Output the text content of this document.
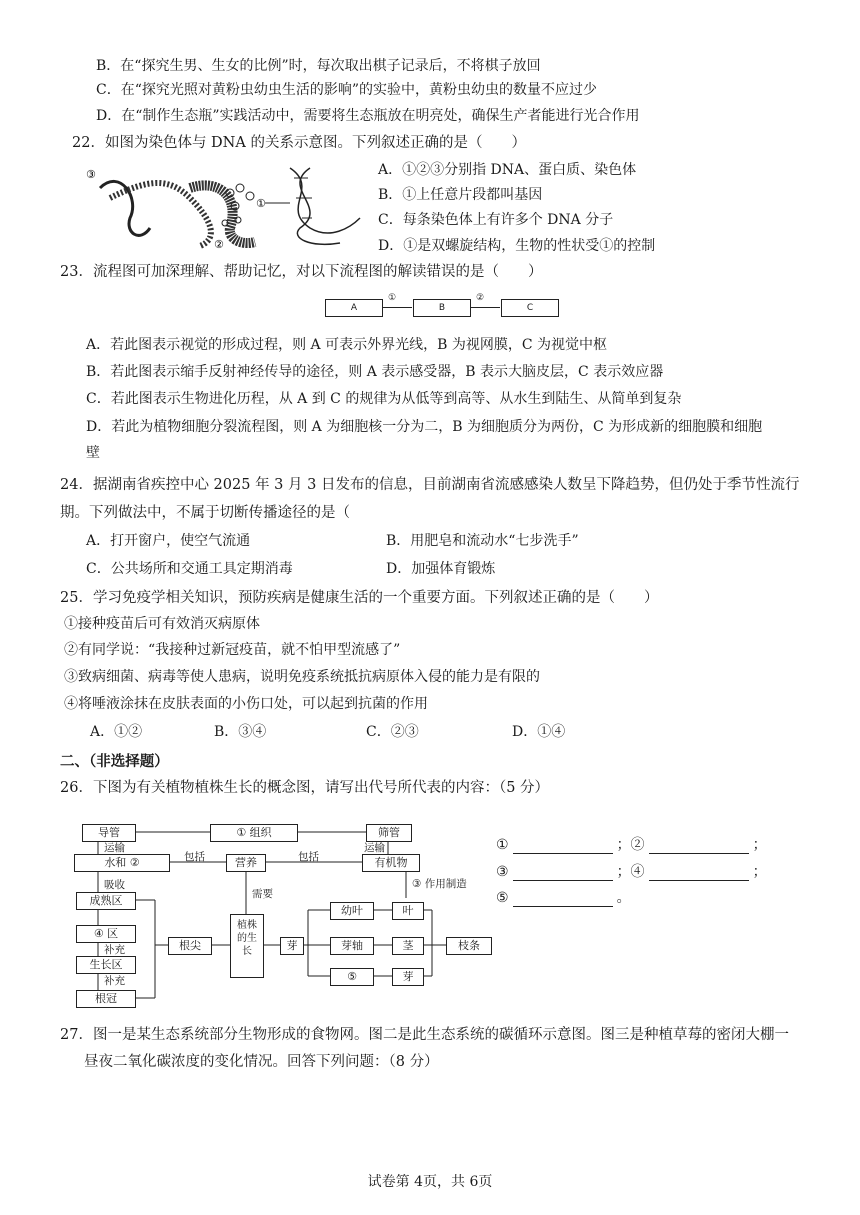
B．在“探究生男、生女的比例”时，每次取出棋子记录后，不将棋子放回
C．在“探究光照对黄粉虫幼虫生活的影响”的实验中，黄粉虫幼虫的数量不应过少
D．在“制作生态瓶”实践活动中，需要将生态瓶放在明亮处，确保生产者能进行光合作用
22．如图为染色体与 DNA 的关系示意图。下列叙述正确的是（　　）
③
①
②
A．①②③分别指 DNA、蛋白质、染色体
B．①上任意片段都叫基因
C．每条染色体上有许多个 DNA 分子
D．①是双螺旋结构，生物的性状受①的控制
23．流程图可加深理解、帮助记忆，对以下流程图的解读错误的是（　　）
A
①
B
②
C
A．若此图表示视觉的形成过程，则 A 可表示外界光线，B 为视网膜，C 为视觉中枢
B．若此图表示缩手反射神经传导的途径，则 A 表示感受器，B 表示大脑皮层，C 表示效应器
C．若此图表示生物进化历程，从 A 到 C 的规律为从低等到高等、从水生到陆生、从简单到复杂
D．若此为植物细胞分裂流程图，则 A 为细胞核一分为二，B 为细胞质分为两份，C 为形成新的细胞膜和细胞
壁
24．据湖南省疾控中心 2025 年 3 月 3 日发布的信息，目前湖南省流感感染人数呈下降趋势，但仍处于季节性流行
期。下列做法中，不属于切断传播途径的是（
A．打开窗户，使空气流通	B．用肥皂和流动水“七步洗手”
C．公共场所和交通工具定期消毒	D．加强体育锻炼
25．学习免疫学相关知识，预防疾病是健康生活的一个重要方面。下列叙述正确的是（　　）
①接种疫苗后可有效消灭病原体
②有同学说：“我接种过新冠疫苗，就不怕甲型流感了”
③致病细菌、病毒等使人患病，说明免疫系统抵抗病原体入侵的能力是有限的
④将唾液涂抹在皮肤表面的小伤口处，可以起到抗菌的作用
A．①②	B．③④	C．②③	D．①④
二、（非选择题）
26．下图为有关植物植株生长的概念图，请写出代号所代表的内容：（5 分）
导管	① 组织	筛管
运输	运输
水和 ②	包括	营养	包括	有机物
吸收	③ 作用制造
需要
成熟区
④ 区
补充
生长区
补充
根冠
根尖
植株的生长	芽
幼叶	叶
芽轴	茎
⑤	芽
枝条
①	；②	；
③	；④	；
⑤	。
27．图一是某生态系统部分生物形成的食物网。图二是此生态系统的碳循环示意图。图三是种植草莓的密闭大棚一
昼夜二氧化碳浓度的变化情况。回答下列问题：（8 分）
试卷第 4页，共 6页
